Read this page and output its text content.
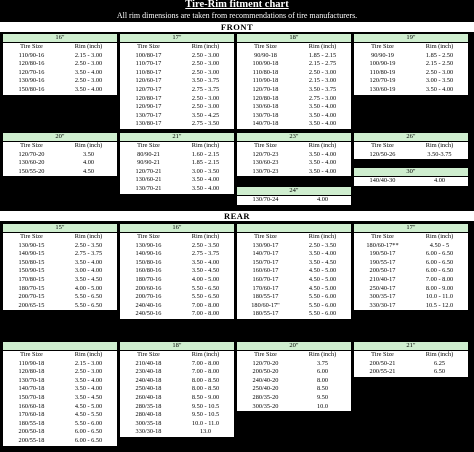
Tire-Rim fitment chart
All rim dimensions are taken from recommendations of tire manufacturers.
FRONT
REAR
16"
Tire Size	Rim (inch)
110/90-16	2.15 - 3.00
120/80-16	2.50 - 3.00
120/70-16	3.50 - 4.00
130/90-16	2.50 - 3.00
150/80-16	3.50 - 4.00
17"
Tire Size	Rim (inch)
100/80-17	2.50 - 3.00
110/70-17	2.50 - 3.00
110/80-17	2.50 - 3.00
120/60-17	3.50 - 3.75
120/70-17	2.75 - 3.75
120/80-17	2.50 - 3.00
120/90-17	2.50 - 3.00
130/70-17	3.50 - 4.25
130/80-17	2.75 - 3.50
18"
Tire Size	Rim (inch)
90/90-18	1.85 - 2.15
100/90-18	2.15 - 2.75
110/80-18	2.50 - 3.00
110/90-18	2.15 - 3.00
120/70-18	3.50 - 3.75
120/80-18	2.75 - 3.00
130/60-18	3.50 - 4.00
130/70-18	3.50 - 4.00
140/70-18	3.50 - 4.00
19"
Tire Size	Rim (inch)
90/90-19	1.85 - 2.50
100/90-19	2.15 - 2.50
110/80-19	2.50 - 3.00
120/70-19	3.00 - 3.50
130/60-19	3.50 - 4.00
20"
Tire Size	Rim (inch)
120/70-20	3.50
130/60-20	4.00
150/55-20	4.50
21"
Tire Size	Rim (inch)
80/90-21	1.60 - 2.15
90/90-21	1.85 - 2.15
120/70-21	3.00 - 3.50
130/60-21	3.50 - 4.00
130/70-21	3.50 - 4.00
23"
Tire Size	Rim (inch)
120/70-23	3.50 - 4.00
130/60-23	3.50 - 4.00
130/70-23	3.50 - 4.00
26"
Tire Size	Rim (inch)
120/50-26	3.50-3.75
24"
130/70-24	4.00
30"
140/40-30	4.00
15"
Tire Size	Rim (inch)
130/90-15	2.50 - 3.50
140/90-15	2.75 - 3.75
150/80-15	3.50 - 4.00
150/90-15	3.00 - 4.00
170/80-15	3.50 - 4.50
180/70-15	4.00 - 5.00
200/70-15	5.50 - 6.50
200/65-15	5.50 - 6.50
16"
Tire Size	Rim (inch)
130/90-16	2.50 - 3.50
140/90-16	2.75 - 3.75
150/80-16	3.50 - 4.00
160/80-16	3.50 - 4.50
180/70-16	4.00 - 5.00
200/60-16	5.50 - 6.50
200/70-16	5.50 - 6.50
240/40-16	7.00 - 8.00
240/50-16	7.00 - 8.00
Tire Size	Rim (inch)
130/90-17	2.50 - 3.50
140/70-17	3.50 - 4.00
150/70-17	3.50 - 4.50
160/60-17	4.50 - 5.00
160/70-17	4.50 - 5.00
170/60-17	4.50 - 5.00
180/55-17	5.50 - 6.00
180/60-17"	5.50 - 6.00
180/55-17	5.50 - 6.00
17"
Tire Size	Rim (inch)
180/60-17**	4.50 - 5
190/50-17	6.00 - 6.50
190/55-17	6.00 - 6.50
200/50-17	6.00 - 6.50
210/40-17	7.00 - 8.00
250/40-17	8.00 - 9.00
300/35-17	10.0 - 11.0
330/30-17	10.5 - 12.0
Tire Size	Rim (inch)
110/90-18	2.15 - 3.00
120/80-18	2.50 - 3.00
130/70-18	3.50 - 4.00
140/70-18	3.50 - 4.00
150/70-18	3.50 - 4.50
160/60-18	4.50 - 5.00
170/60-18	4.50 - 5.50
180/55-18	5.50 - 6.00
200/50-18	6.00 - 6.50
200/55-18	6.00 - 6.50
18"
Tire Size	Rim (inch)
210/40-18	7.00 - 8.00
230/40-18	7.00 - 8.00
240/40-18	8.00 - 8.50
250/40-18	8.00 - 8.50
260/40-18	8.50 - 9.00
280/35-18	9.50 - 10.5
280/40-18	9.50 - 10.5
300/35-18	10.0 - 11.0
330/30-18	13.0
20"
Tire Size	Rim (inch)
120/70-20	3.75
200/50-20	6.00
240/40-20	8.00
250/40-20	8.50
280/35-20	9.50
300/35-20	10.0
21"
Tire Size	Rim (inch)
200/50-21	6.25
200/55-21	6.50
